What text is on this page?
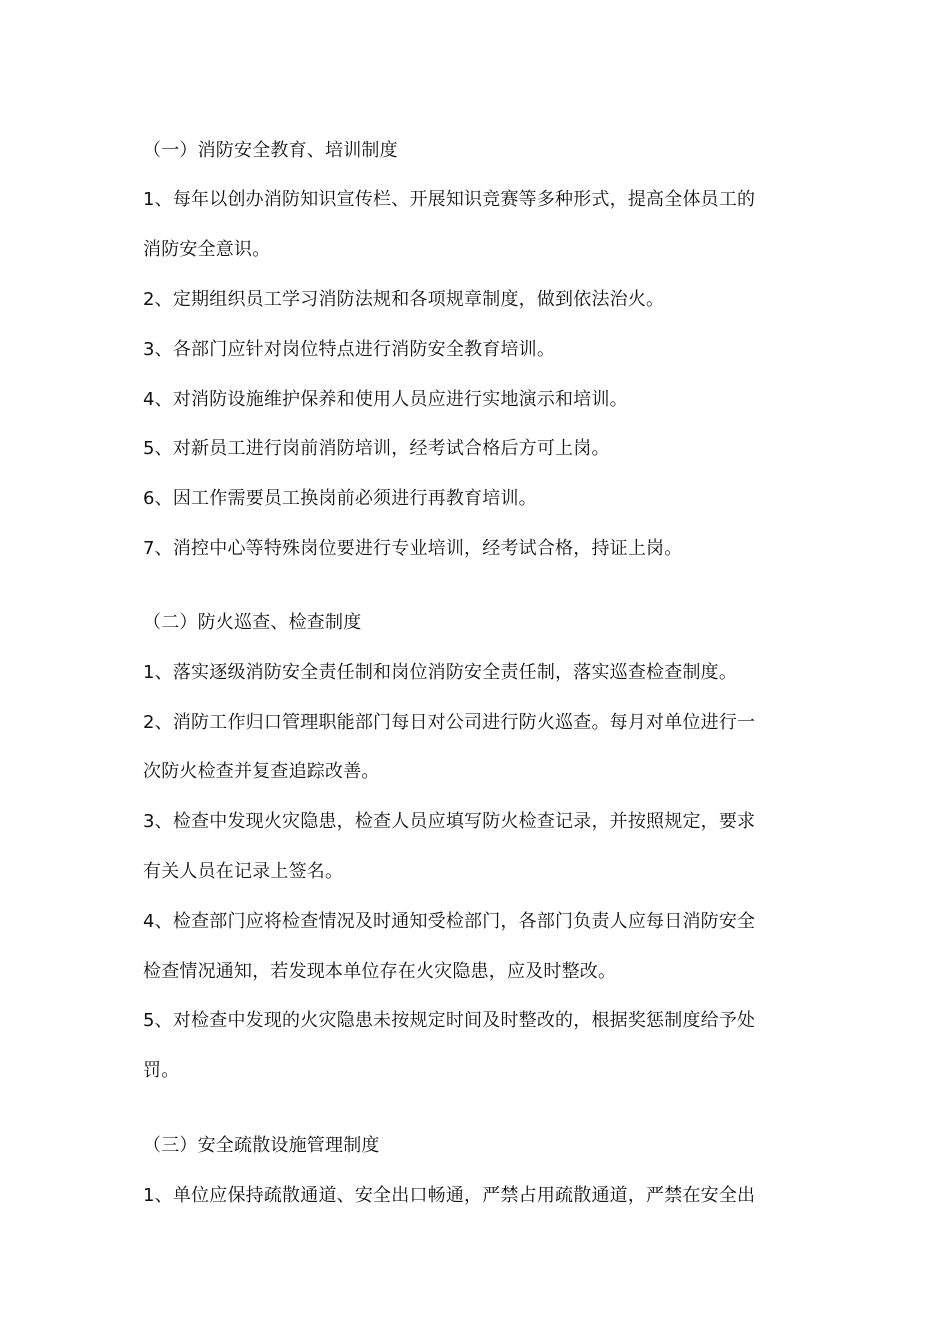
（一）消防安全教育、培训制度
1、每年以创办消防知识宣传栏、开展知识竞赛等多种形式，提高全体员工的
消防安全意识。
2、定期组织员工学习消防法规和各项规章制度，做到依法治火。
3、各部门应针对岗位特点进行消防安全教育培训。
4、对消防设施维护保养和使用人员应进行实地演示和培训。
5、对新员工进行岗前消防培训，经考试合格后方可上岗。
6、因工作需要员工换岗前必须进行再教育培训。
7、消控中心等特殊岗位要进行专业培训，经考试合格，持证上岗。
（二）防火巡查、检查制度
1、落实逐级消防安全责任制和岗位消防安全责任制，落实巡查检查制度。
2、消防工作归口管理职能部门每日对公司进行防火巡查。每月对单位进行一
次防火检查并复查追踪改善。
3、检查中发现火灾隐患，检查人员应填写防火检查记录，并按照规定，要求
有关人员在记录上签名。
4、检查部门应将检查情况及时通知受检部门，各部门负责人应每日消防安全
检查情况通知，若发现本单位存在火灾隐患，应及时整改。
5、对检查中发现的火灾隐患未按规定时间及时整改的，根据奖惩制度给予处
罚。
（三）安全疏散设施管理制度
1、单位应保持疏散通道、安全出口畅通，严禁占用疏散通道，严禁在安全出
